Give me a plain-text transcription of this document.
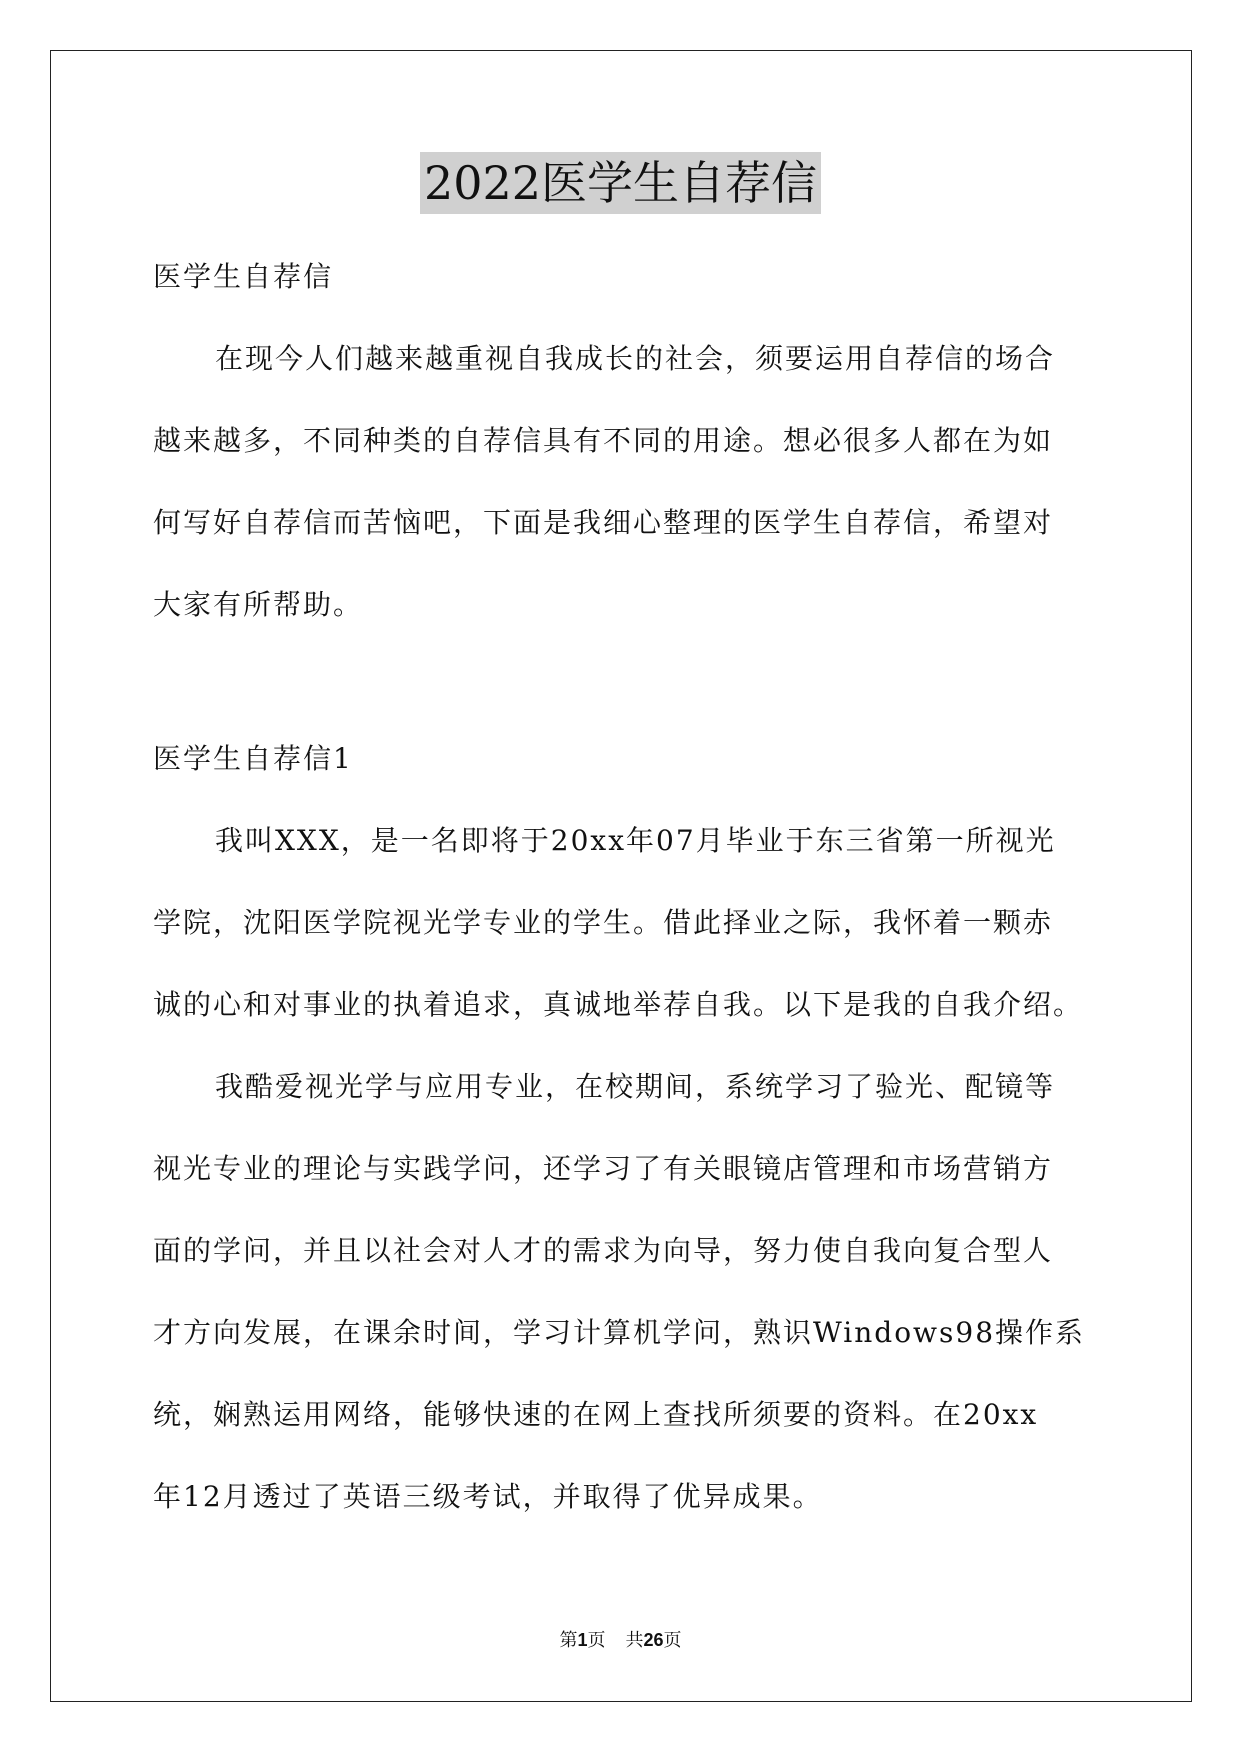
2022医学生自荐信
医学生自荐信
在现今人们越来越重视自我成长的社会，须要运用自荐信的场合
越来越多，不同种类的自荐信具有不同的用途。想必很多人都在为如
何写好自荐信而苦恼吧，下面是我细心整理的医学生自荐信，希望对
大家有所帮助。
医学生自荐信1
我叫XXX，是一名即将于20xx年07月毕业于东三省第一所视光
学院，沈阳医学院视光学专业的学生。借此择业之际，我怀着一颗赤
诚的心和对事业的执着追求，真诚地举荐自我。以下是我的自我介绍。
我酷爱视光学与应用专业，在校期间，系统学习了验光、配镜等
视光专业的理论与实践学问，还学习了有关眼镜店管理和市场营销方
面的学问，并且以社会对人才的需求为向导，努力使自我向复合型人
才方向发展，在课余时间，学习计算机学问，熟识Windows98操作系
统，娴熟运用网络，能够快速的在网上查找所须要的资料。在20xx
年12月透过了英语三级考试，并取得了优异成果。
第1页 共26页
